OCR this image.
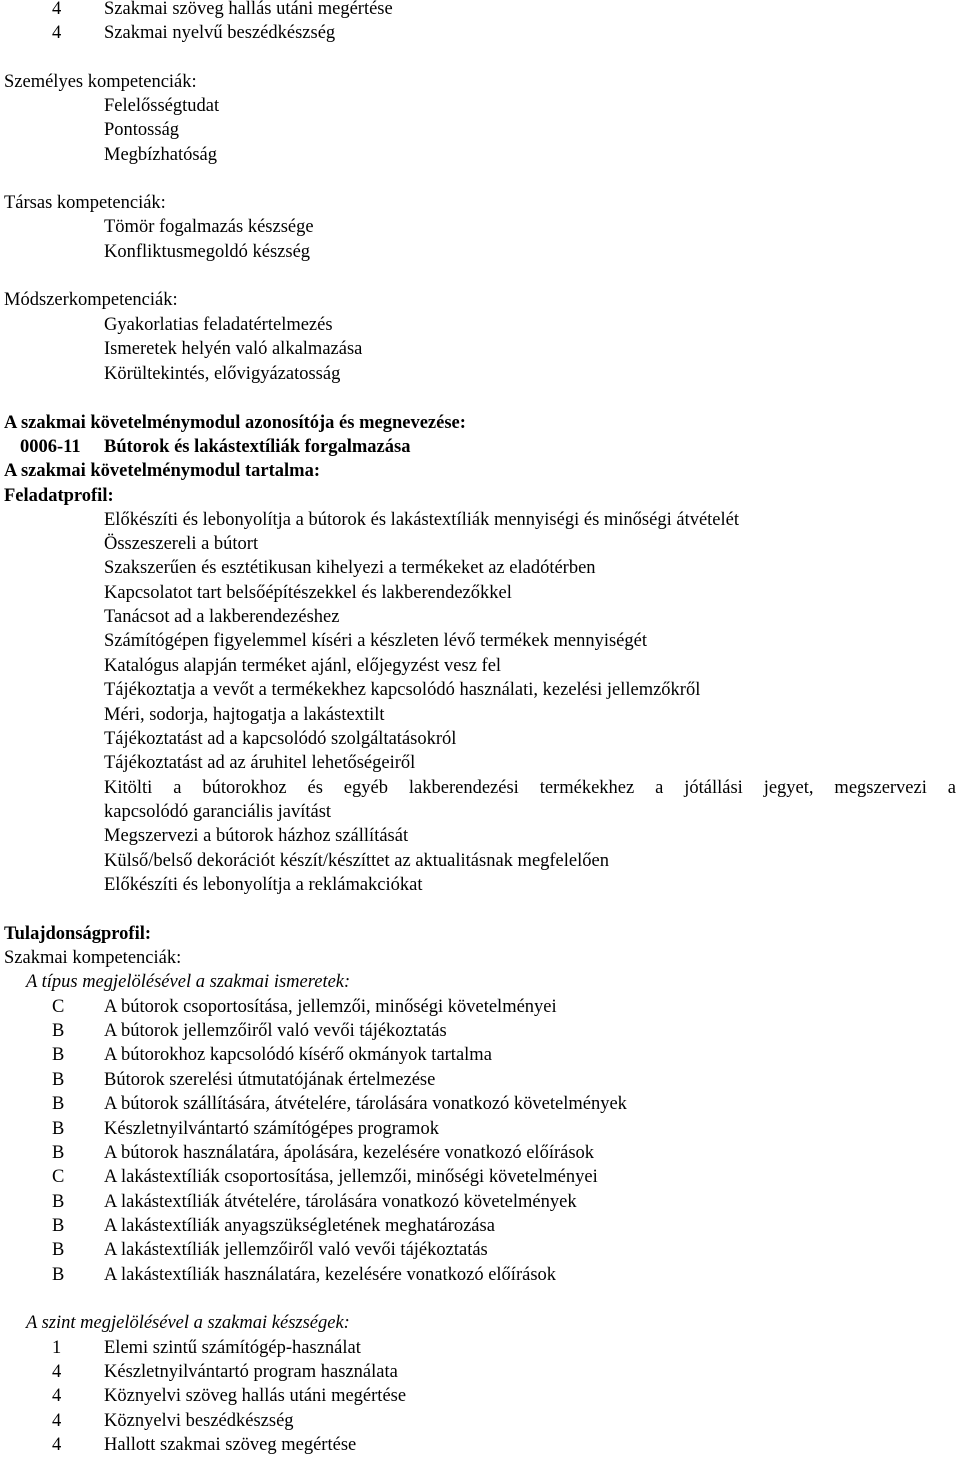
4 Szakmai szöveg hallás utáni megértése
4 Szakmai nyelvű beszédkészség
Személyes kompetenciák:
Felelősségtudat
Pontosság
Megbízhatóság
Társas kompetenciák:
Tömör fogalmazás készsége
Konfliktusmegoldó készség
Módszerkompetenciák:
Gyakorlatias feladatértelmezés
Ismeretek helyén való alkalmazása
Körültekintés, elővigyázatosság
A szakmai követelménymodul azonosítója és megnevezése:
0006-11 Bútorok és lakástextíliák forgalmazása
A szakmai követelménymodul tartalma:
Feladatprofil:
Előkészíti és lebonyolítja a bútorok és lakástextíliák mennyiségi és minőségi átvételét
Összeszereli a bútort
Szakszerűen és esztétikusan kihelyezi a termékeket az eladótérben
Kapcsolatot tart belsőépítészekkel és lakberendezőkkel
Tanácsot ad a lakberendezéshez
Számítógépen figyelemmel kíséri a készleten lévő termékek mennyiségét
Katalógus alapján terméket ajánl, előjegyzést vesz fel
Tájékoztatja a vevőt a termékekhez kapcsolódó használati, kezelési jellemzőkről
Méri, sodorja, hajtogatja a lakástextilt
Tájékoztatást ad a kapcsolódó szolgáltatásokról
Tájékoztatást ad az áruhitel lehetőségeiről
Kitölti a bútorokhoz és egyéb lakberendezési termékekhez a jótállási jegyet, megszervezi a
kapcsolódó garanciális javítást
Megszervezi a bútorok házhoz szállítását
Külső/belső dekorációt készít/készíttet az aktualitásnak megfelelően
Előkészíti és lebonyolítja a reklámakciókat
Tulajdonságprofil:
Szakmai kompetenciák:
A típus megjelölésével a szakmai ismeretek:
C A bútorok csoportosítása, jellemzői, minőségi követelményei
B A bútorok jellemzőiről való vevői tájékoztatás
B A bútorokhoz kapcsolódó kísérő okmányok tartalma
B Bútorok szerelési útmutatójának értelmezése
B A bútorok szállítására, átvételére, tárolására vonatkozó követelmények
B Készletnyilvántartó számítógépes programok
B A bútorok használatára, ápolására, kezelésére vonatkozó előírások
C A lakástextíliák csoportosítása, jellemzői, minőségi követelményei
B A lakástextíliák átvételére, tárolására vonatkozó követelmények
B A lakástextíliák anyagszükségletének meghatározása
B A lakástextíliák jellemzőiről való vevői tájékoztatás
B A lakástextíliák használatára, kezelésére vonatkozó előírások
A szint megjelölésével a szakmai készségek:
1 Elemi szintű számítógép-használat
4 Készletnyilvántartó program használata
4 Köznyelvi szöveg hallás utáni megértése
4 Köznyelvi beszédkészség
4 Hallott szakmai szöveg megértése
